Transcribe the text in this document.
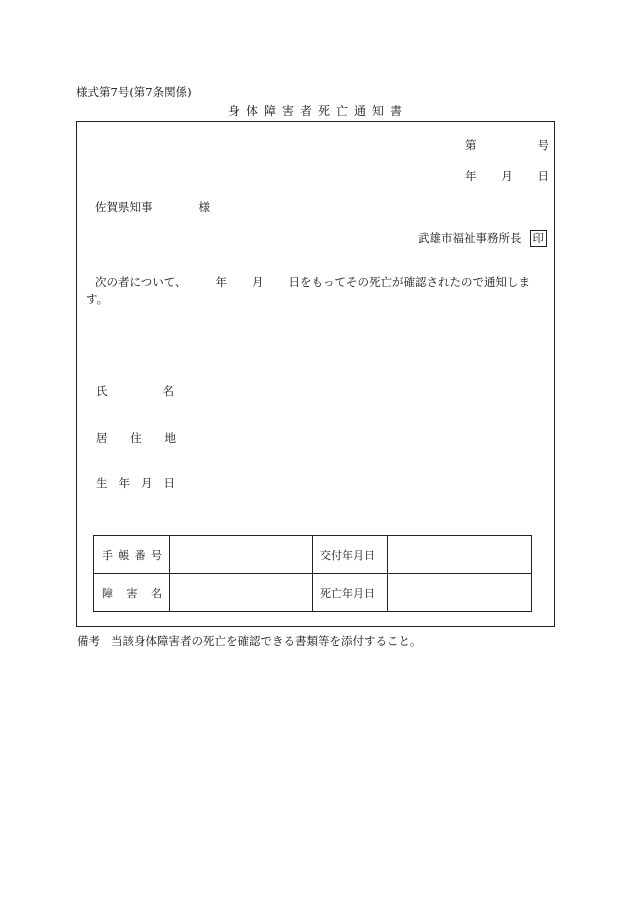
様式第7号(第7条関係)
身体障害者死亡通知書
第	号
年 月 日
佐賀県知事	様
武雄市福祉事務所長 印
次の者について、	年 月 日をもってその死亡が確認されたので通知します。
氏	名
居 住 地
生 年 月 日
手 帳 番 号		交付年月日	

障 害 名		死亡年月日	
備考 当該身体障害者の死亡を確認できる書類等を添付すること。
